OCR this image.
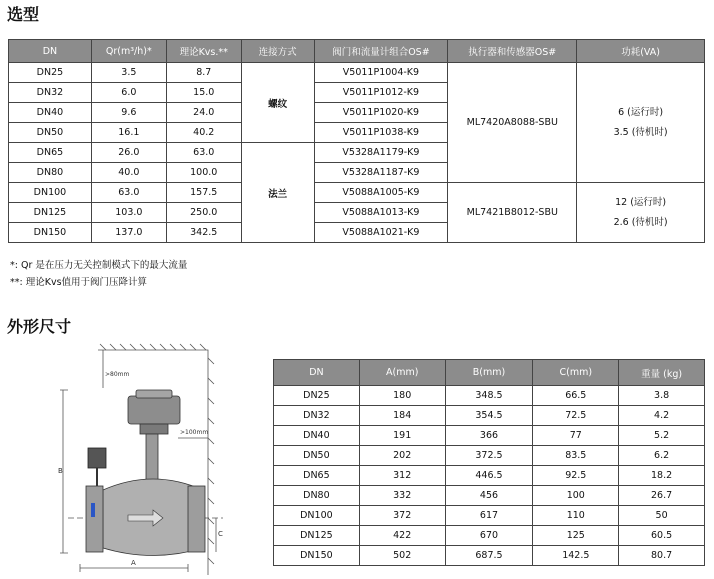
选型
DN	Qr(m³/h)*	理论Kvs.**	连接方式	阀门和流量计组合OS#	执行器和传感器OS#	功耗(VA)
DN25	3.5	8.7	螺纹	V5011P1004-K9	ML7420A8088-SBU	6 (运行时)
3.5 (待机时)

DN32	6.0	15.0		V5011P1012-K9		
DN40	9.6	24.0		V5011P1020-K9		
DN50	16.1	40.2		V5011P1038-K9		
DN65	26.0	63.0	法兰	V5328A1179-K9		
DN80	40.0	100.0		V5328A1187-K9		
DN100	63.0	157.5		V5088A1005-K9	ML7421B8012-SBU	12 (运行时)
2.6 (待机时)

DN125	103.0	250.0		V5088A1013-K9		
DN150	137.0	342.5		V5088A1021-K9		
*: Qr 是在压力无关控制模式下的最大流量
**: 理论Kvs值用于阀门压降计算
外形尺寸
>80mm
>100mm
A
B
C
DN	A(mm)	B(mm)	C(mm)	重量 (kg)
DN25	180	348.5	66.5	3.8
DN32	184	354.5	72.5	4.2
DN40	191	366	77	5.2
DN50	202	372.5	83.5	6.2
DN65	312	446.5	92.5	18.2
DN80	332	456	100	26.7
DN100	372	617	110	50
DN125	422	670	125	60.5
DN150	502	687.5	142.5	80.7
